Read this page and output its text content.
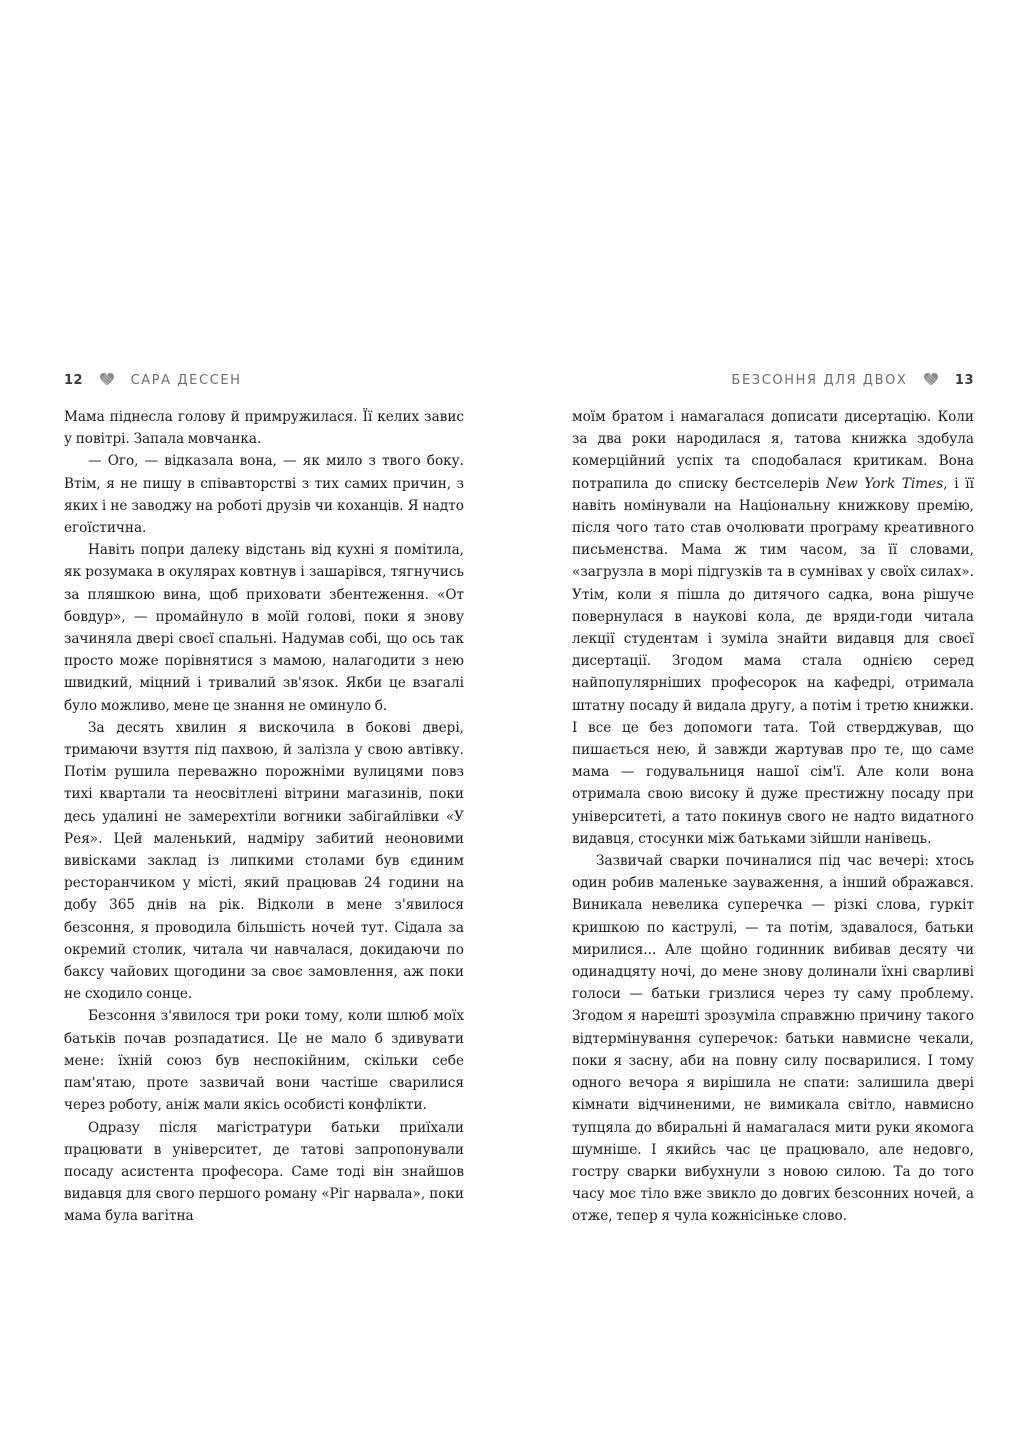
12	САРА ДЕССЕН

Мама піднесла голову й примружилася. Її келих завис у повітрі. Запала мовчанка.

— Ого, — відказала вона, — як мило з твого боку. Втім, я не пишу в співавторстві з тих самих причин, з яких і не заводжу на роботі друзів чи коханців. Я надто егоїстична.

Навіть попри далеку відстань від кухні я помітила, як розумака в окулярах ковтнув і зашарівся, тягнучись за пляшкою вина, щоб приховати збентеження. «От бовдур», — промайнуло в моїй голові, поки я знову зачиняла двері своєї спальні. Надумав собі, що ось так просто може порівнятися з мамою, налагодити з нею швидкий, міцний і тривалий зв'язок. Якби це взагалі було можливо, мене це знання не оминуло б.

За десять хвилин я вискочила в бокові двері, тримаючи взуття під пахвою, й залізла у свою автівку. Потім рушила переважно порожніми вулицями повз тихі квартали та неосвітлені вітрини магазинів, поки десь удалині не замерехтіли вогники забігайлівки «У Рея». Цей маленький, надміру забитий неоновими вивісками заклад із липкими столами був єдиним ресторанчиком у місті, який працював 24 години на добу 365 днів на рік. Відколи в мене з'явилося безсоння, я проводила більшість ночей тут. Сідала за окремий столик, читала чи навчалася, докидаючи по баксу чайових щогодини за своє замовлення, аж поки не сходило сонце.

Безсоння з'явилося три роки тому, коли шлюб моїх батьків почав розпадатися. Це не мало б здивувати мене: їхній союз був неспокійним, скільки себе пам'ятаю, проте зазвичай вони частіше сварилися через роботу, аніж мали якісь особисті конфлікти.

Одразу після магістратури батьки приїхали працювати в університет, де татові запропонували посаду асистента професора. Саме тоді він знайшов видавця для свого першого роману «Ріг нарвала», поки мама була вагітна

БЕЗСОННЯ ДЛЯ ДВОХ	13

моїм братом і намагалася дописати дисертацію. Коли за два роки народилася я, татова книжка здобула комерційний успіх та сподобалася критикам. Вона потрапила до списку бестселерів New York Times, і її навіть номінували на Національну книжкову премію, після чого тато став очолювати програму креативного письменства. Мама ж тим часом, за її словами, «загрузла в морі підгузків та в сумнівах у своїх силах». Утім, коли я пішла до дитячого садка, вона рішуче повернулася в наукові кола, де вряди-годи читала лекції студентам і зуміла знайти видавця для своєї дисертації. Згодом мама стала однією серед найпопулярніших професорок на кафедрі, отримала штатну посаду й видала другу, а потім і третю книжки. І все це без допомоги тата. Той стверджував, що пишається нею, й завжди жартував про те, що саме мама — годувальниця нашої сім'ї. Але коли вона отримала свою високу й дуже престижну посаду при університеті, а тато покинув свого не надто видатного видавця, стосунки між батьками зійшли нанівець.

Зазвичай сварки починалися під час вечері: хтось один робив маленьке зауваження, а інший ображався. Виникала невелика суперечка — різкі слова, гуркіт кришкою по каструлі, — та потім, здавалося, батьки мирилися... Але щойно годинник вибивав десяту чи одинадцяту ночі, до мене знову долинали їхні сварливі голоси — батьки гризлися через ту саму проблему. Згодом я нарешті зрозуміла справжню причину такого відтермінування суперечок: батьки навмисне чекали, поки я засну, аби на повну силу посварилися. І тому одного вечора я вирішила не спати: залишила двері кімнати відчиненими, не вимикала світло, навмисно тупцяла до вбиральні й намагалася мити руки якомога шумніше. І якийсь час це працювало, але недовго, гостру сварки вибухнули з новою силою. Та до того часу моє тіло вже звикло до довгих безсонних ночей, а отже, тепер я чула кожнісіньке слово.
